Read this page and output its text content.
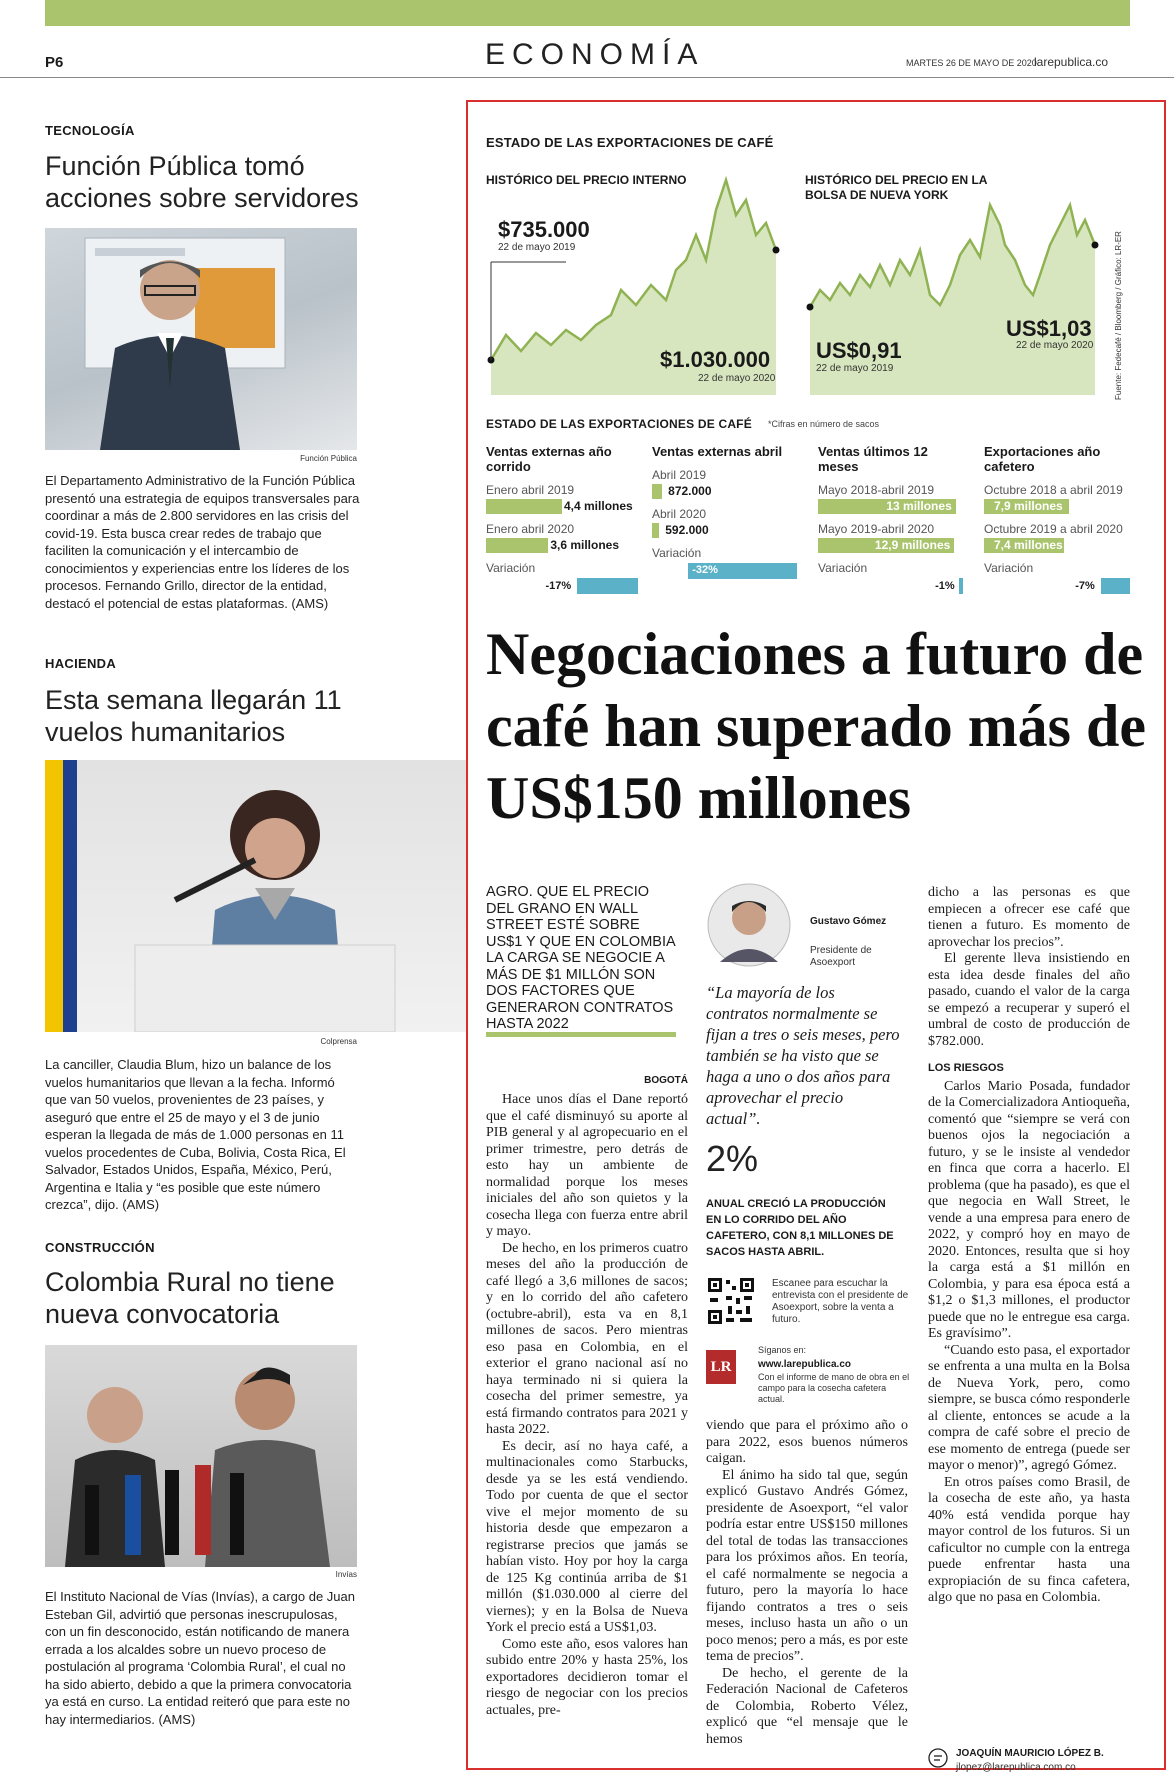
P6	ECONOMÍA	MARTES 26 DE MAYO DE 2020
larepublica.co
TECNOLOGÍA
Función Pública tomó acciones sobre servidores
Función Pública

El Departamento Administrativo de la Función Pública presentó una estrategia de equipos transversales para coordinar a más de 2.800 servidores en las crisis del covid-19. Esta busca crear redes de trabajo que faciliten la comunicación y el intercambio de conocimientos y experiencias entre los líderes de los procesos. Fernando Grillo, director de la entidad, destacó el potencial de estas plataformas. (AMS)

HACIENDA
Esta semana llegarán 11 vuelos humanitarios
Colprensa

La canciller, Claudia Blum, hizo un balance de los vuelos humanitarios que llevan a la fecha. Informó que van 50 vuelos, provenientes de 23 países, y aseguró que entre el 25 de mayo y el 3 de junio esperan la llegada de más de 1.000 personas en 11 vuelos procedentes de Cuba, Bolivia, Costa Rica, El Salvador, Estados Unidos, España, México, Perú, Argentina e Italia y “es posible que este número crezca”, dijo. (AMS)

CONSTRUCCIÓN
Colombia Rural no tiene nueva convocatoria
Invías

El Instituto Nacional de Vías (Invías), a cargo de Juan Esteban Gil, advirtió que personas inescrupulosas, con un fin desconocido, están notificando de manera errada a los alcaldes sobre un nuevo proceso de postulación al programa ‘Colombia Rural’, el cual no ha sido abierto, debido a que la primera convocatoria ya está en curso. La entidad reiteró que para este no hay intermediarios. (AMS)

ESTADO DE LAS EXPORTACIONES DE CAFÉ
HISTÓRICO DEL PRECIO INTERNO
$735.000
22 de mayo 2019
$1.030.000
22 de mayo 2020
HISTÓRICO DEL PRECIO EN LA BOLSA DE NUEVA YORK
US$0,91
22 de mayo 2019
US$1,03
22 de mayo 2020	Fuente: Fedecafé / Bloomberg / Gráfico: LR-ER
ESTADO DE LAS EXPORTACIONES DE CAFÉ *Cifras en número de sacos
Ventas externas año corrido
Enero abril 2019
4,4 millones
Enero abril 2020
3,6 millones
Variación
-17%
Ventas externas abril
Abril 2019
872.000
Abril 2020
592.000
Variación
-32%
Ventas últimos 12 meses
Mayo 2018-abril 2019
13 millones
Mayo 2019-abril 2020
12,9 millones
Variación
-1%
Exportaciones año cafetero
Octubre 2018 a abril 2019
7,9 millones
Octubre 2019 a abril 2020
7,4 millones
Variación
-7%
Negociaciones a futuro de café han superado más de US$150 millones

AGRO. QUE EL PRECIO DEL GRANO EN WALL STREET ESTÉ SOBRE US$1 Y QUE EN COLOMBIA LA CARGA SE NEGOCIE A MÁS DE $1 MILLÓN SON DOS FACTORES QUE GENERARON CONTRATOS HASTA 2022

BOGOTÁ

Hace unos días el Dane reportó que el café disminuyó su aporte al PIB general y al agropecuario en el primer trimestre, pero detrás de esto hay un ambiente de normalidad porque los meses iniciales del año son quietos y la cosecha llega con fuerza entre abril y mayo.

De hecho, en los primeros cuatro meses del año la producción de café llegó a 3,6 millones de sacos; y en lo corrido del año cafetero (octubre-abril), esta va en 8,1 millones de sacos. Pero mientras eso pasa en Colombia, en el exterior el grano nacional así no haya terminado ni si quiera la cosecha del primer semestre, ya está firmando contratos para 2021 y hasta 2022.

Es decir, así no haya café, a multinacionales como Starbucks, desde ya se les está vendiendo. Todo por cuenta de que el sector vive el mejor momento de su historia desde que empezaron a registrarse precios que jamás se habían visto. Hoy por hoy la carga de 125 Kg continúa arriba de $1 millón ($1.030.000 al cierre del viernes); y en la Bolsa de Nueva York el precio está a US$1,03.

Como este año, esos valores han subido entre 20% y hasta 25%, los exportadores decidieron tomar el riesgo de negociar con los precios actuales, pre-

Gustavo Gómez
Presidente de Asoexport

“La mayoría de los contratos normalmente se fijan a tres o seis meses, pero también se ha visto que se haga a uno o dos años para aprovechar el precio actual”.

2%

ANUAL CRECIÓ LA PRODUCCIÓN EN LO CORRIDO DEL AÑO CAFETERO, CON 8,1 MILLONES DE SACOS HASTA ABRIL.

Escanee para escuchar la entrevista con el presidente de Asoexport, sobre la venta a futuro.

LR
Síganos en:
www.larepublica.co

Con el informe de mano de obra en el campo para la cosecha cafetera actual.

viendo que para el próximo año o para 2022, esos buenos números caigan.

El ánimo ha sido tal que, según explicó Gustavo Andrés Gómez, presidente de Asoexport, “el valor podría estar entre US$150 millones del total de todas las transacciones para los próximos años. En teoría, el café normalmente se negocia a futuro, pero la mayoría lo hace fijando contratos a tres o seis meses, incluso hasta un año o un poco menos; pero a más, es por este tema de precios”.

De hecho, el gerente de la Federación Nacional de Cafeteros de Colombia, Roberto Vélez, explicó que “el mensaje que le hemos

dicho a las personas es que empiecen a ofrecer ese café que tienen a futuro. Es momento de aprovechar los precios”.

El gerente lleva insistiendo en esta idea desde finales del año pasado, cuando el valor de la carga se empezó a recuperar y superó el umbral de costo de producción de $782.000.

LOS RIESGOS

Carlos Mario Posada, fundador de la Comercializadora Antioqueña, comentó que “siempre se verá con buenos ojos la negociación a futuro, y se le insiste al vendedor en finca que corra a hacerlo. El problema (que ha pasado), es que el que negocia en Wall Street, le vende a una empresa para enero de 2022, y compró hoy en mayo de 2020. Entonces, resulta que si hoy la carga está a $1 millón en Colombia, y para esa época está a $1,2 o $1,3 millones, el productor puede que no le entregue esa carga. Es gravísimo”.

“Cuando esto pasa, el exportador se enfrenta a una multa en la Bolsa de Nueva York, pero, como siempre, se busca cómo responderle al cliente, entonces se acude a la compra de café sobre el precio de ese momento de entrega (puede ser mayor o menor)”, agregó Gómez.

En otros países como Brasil, de la cosecha de este año, ya hasta 40% está vendida porque hay mayor control de los futuros. Si un caficultor no cumple con la entrega puede enfrentar hasta una expropiación de su finca cafetera, algo que no pasa en Colombia.

JOAQUÍN MAURICIO LÓPEZ B.
jlopez@larepublica.com.co
